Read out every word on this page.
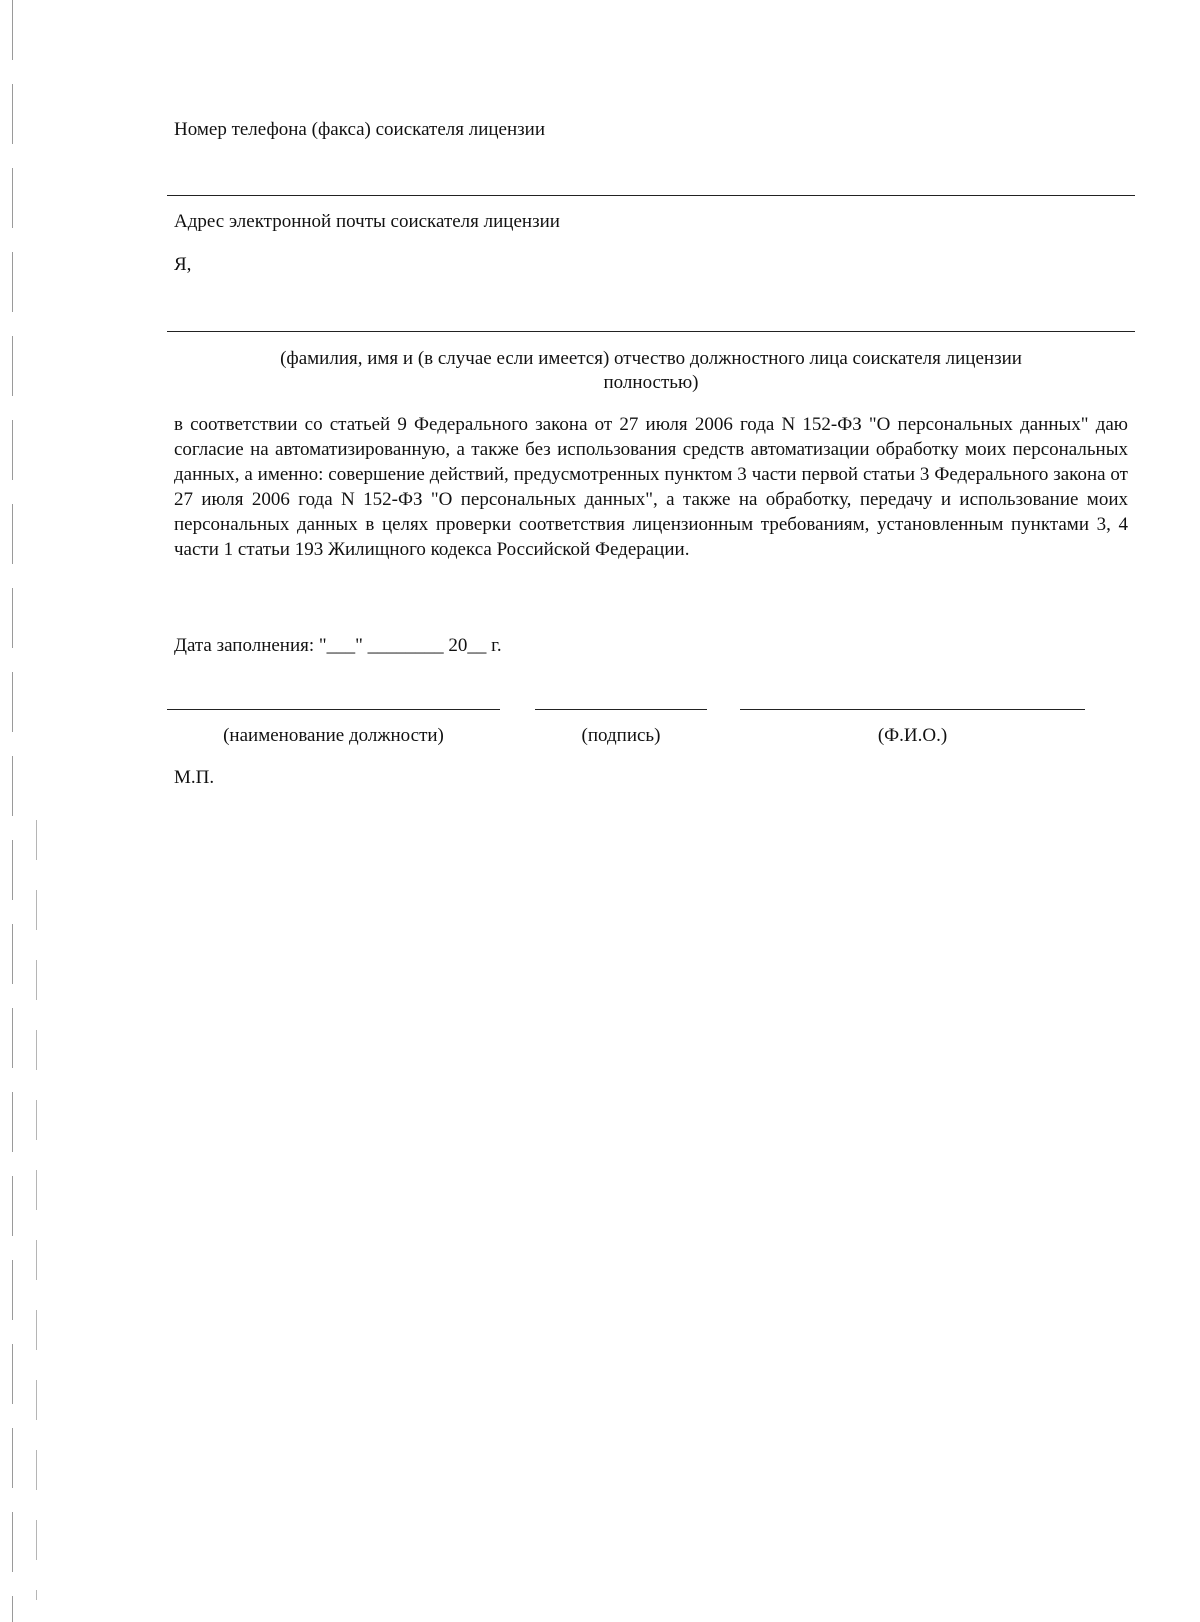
Номер телефона (факса) соискателя лицензии
Адрес электронной почты соискателя лицензии
Я,
(фамилия, имя и (в случае если имеется) отчество должностного лица соискателя лицензии
полностью)
в соответствии со статьей 9 Федерального закона от 27 июля 2006 года N 152-ФЗ "О персональных данных" даю согласие на автоматизированную, а также без использования средств автоматизации обработку моих персональных данных, а именно: совершение действий, предусмотренных пунктом 3 части первой статьи 3 Федерального закона от 27 июля 2006 года N 152-ФЗ "О персональных данных", а также на обработку, передачу и использование моих персональных данных в целях проверки соответствия лицензионным требованиям, установленным пунктами 3, 4 части 1 статьи 193 Жилищного кодекса Российской Федерации.
Дата заполнения: "___" ________ 20__ г.
(наименование должности)	(подпись)	(Ф.И.О.)
М.П.
